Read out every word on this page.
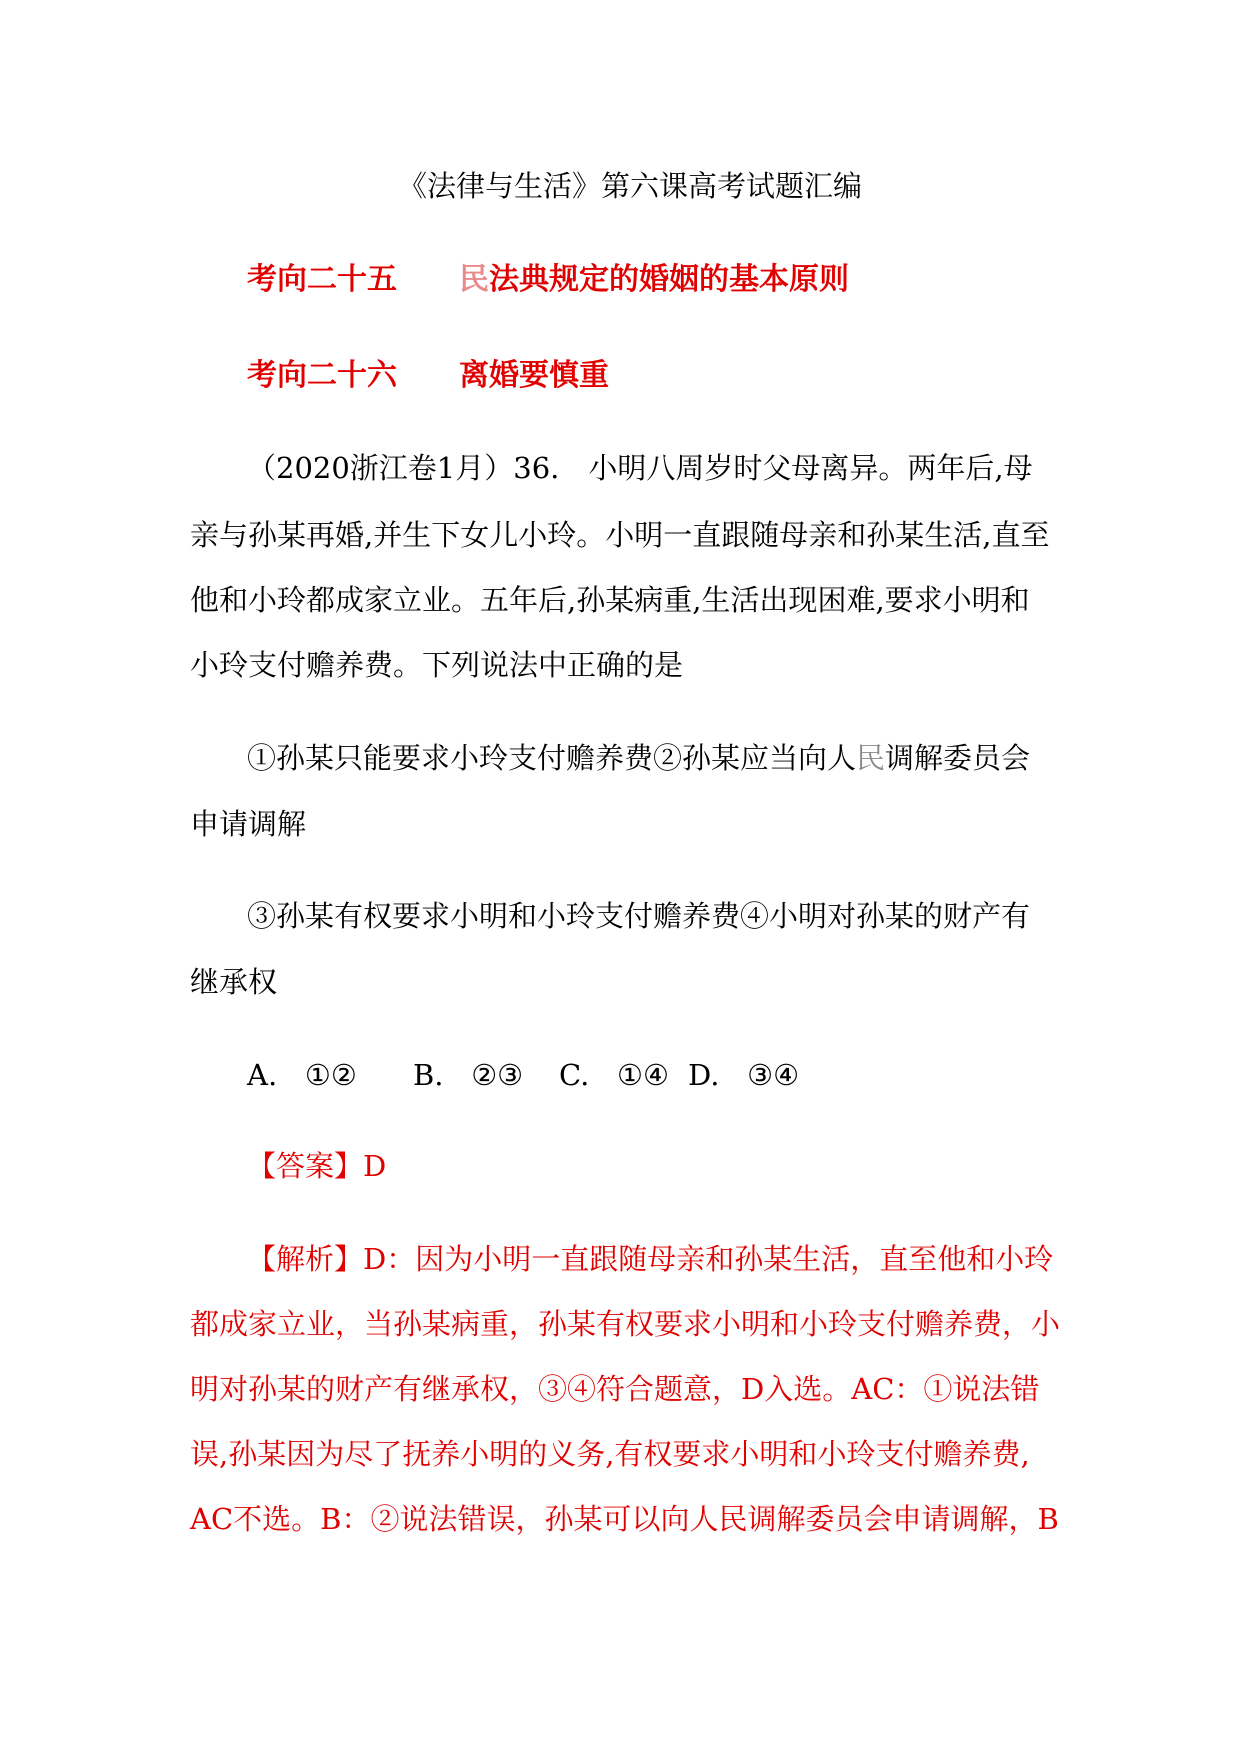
《法律与生活》第六课高考试题汇编
考向二十五 民法典规定的婚姻的基本原则
考向二十六 离婚要慎重
（2020浙江卷1月）36.　小明八周岁时父母离异。两年后,母
亲与孙某再婚,并生下女儿小玲。小明一直跟随母亲和孙某生活,直至
他和小玲都成家立业。五年后,孙某病重,生活出现困难,要求小明和
小玲支付赡养费。下列说法中正确的是
①孙某只能要求小玲支付赡养费②孙某应当向人民调解委员会
申请调解
③孙某有权要求小明和小玲支付赡养费④小明对孙某的财产有
继承权
A. ①② B. ②③ C. ①④ D. ③④
【答案】D
【解析】D：因为小明一直跟随母亲和孙某生活，直至他和小玲
都成家立业，当孙某病重，孙某有权要求小明和小玲支付赡养费，小
明对孙某的财产有继承权，③④符合题意，D入选。AC：①说法错
误,孙某因为尽了抚养小明的义务,有权要求小明和小玲支付赡养费,
AC不选。B：②说法错误，孙某可以向人民调解委员会申请调解，B
